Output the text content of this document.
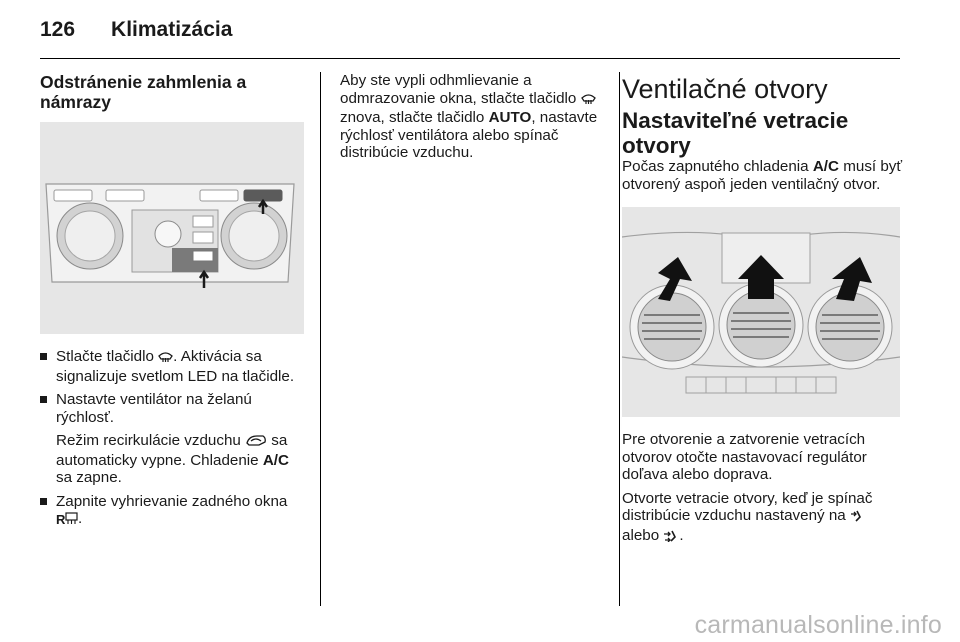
126 Klimatizácia
Odstránenie zahmlenia a námrazy
Stlačte tlačidlo . Aktivácia sa signalizuje svetlom LED na tlačidle.
Nastavte ventilátor na želanú rýchlosť.

Režim recirkulácie vzduchu  sa automaticky vypne. Chladenie A/C sa zapne.

Zapnite vyhrievanie zadného okna
R .

Aby ste vypli odhmlievanie a odmrazovanie okna, stlačte tlačidlo  znova, stlačte tlačidlo AUTO, nastavte rýchlosť ventilátora alebo spínač distribúcie vzduchu.

Ventilačné otvory
Nastaviteľné vetracie otvory

Počas zapnutého chladenia A/C musí byť otvorený aspoň jeden ventilačný otvor.

Pre otvorenie a zatvorenie vetracích otvorov otočte nastavovací regulátor doľava alebo doprava.

Otvorte vetracie otvory, keď je spínač distribúcie vzduchu nastavený na  alebo .

carmanualsonline.info
